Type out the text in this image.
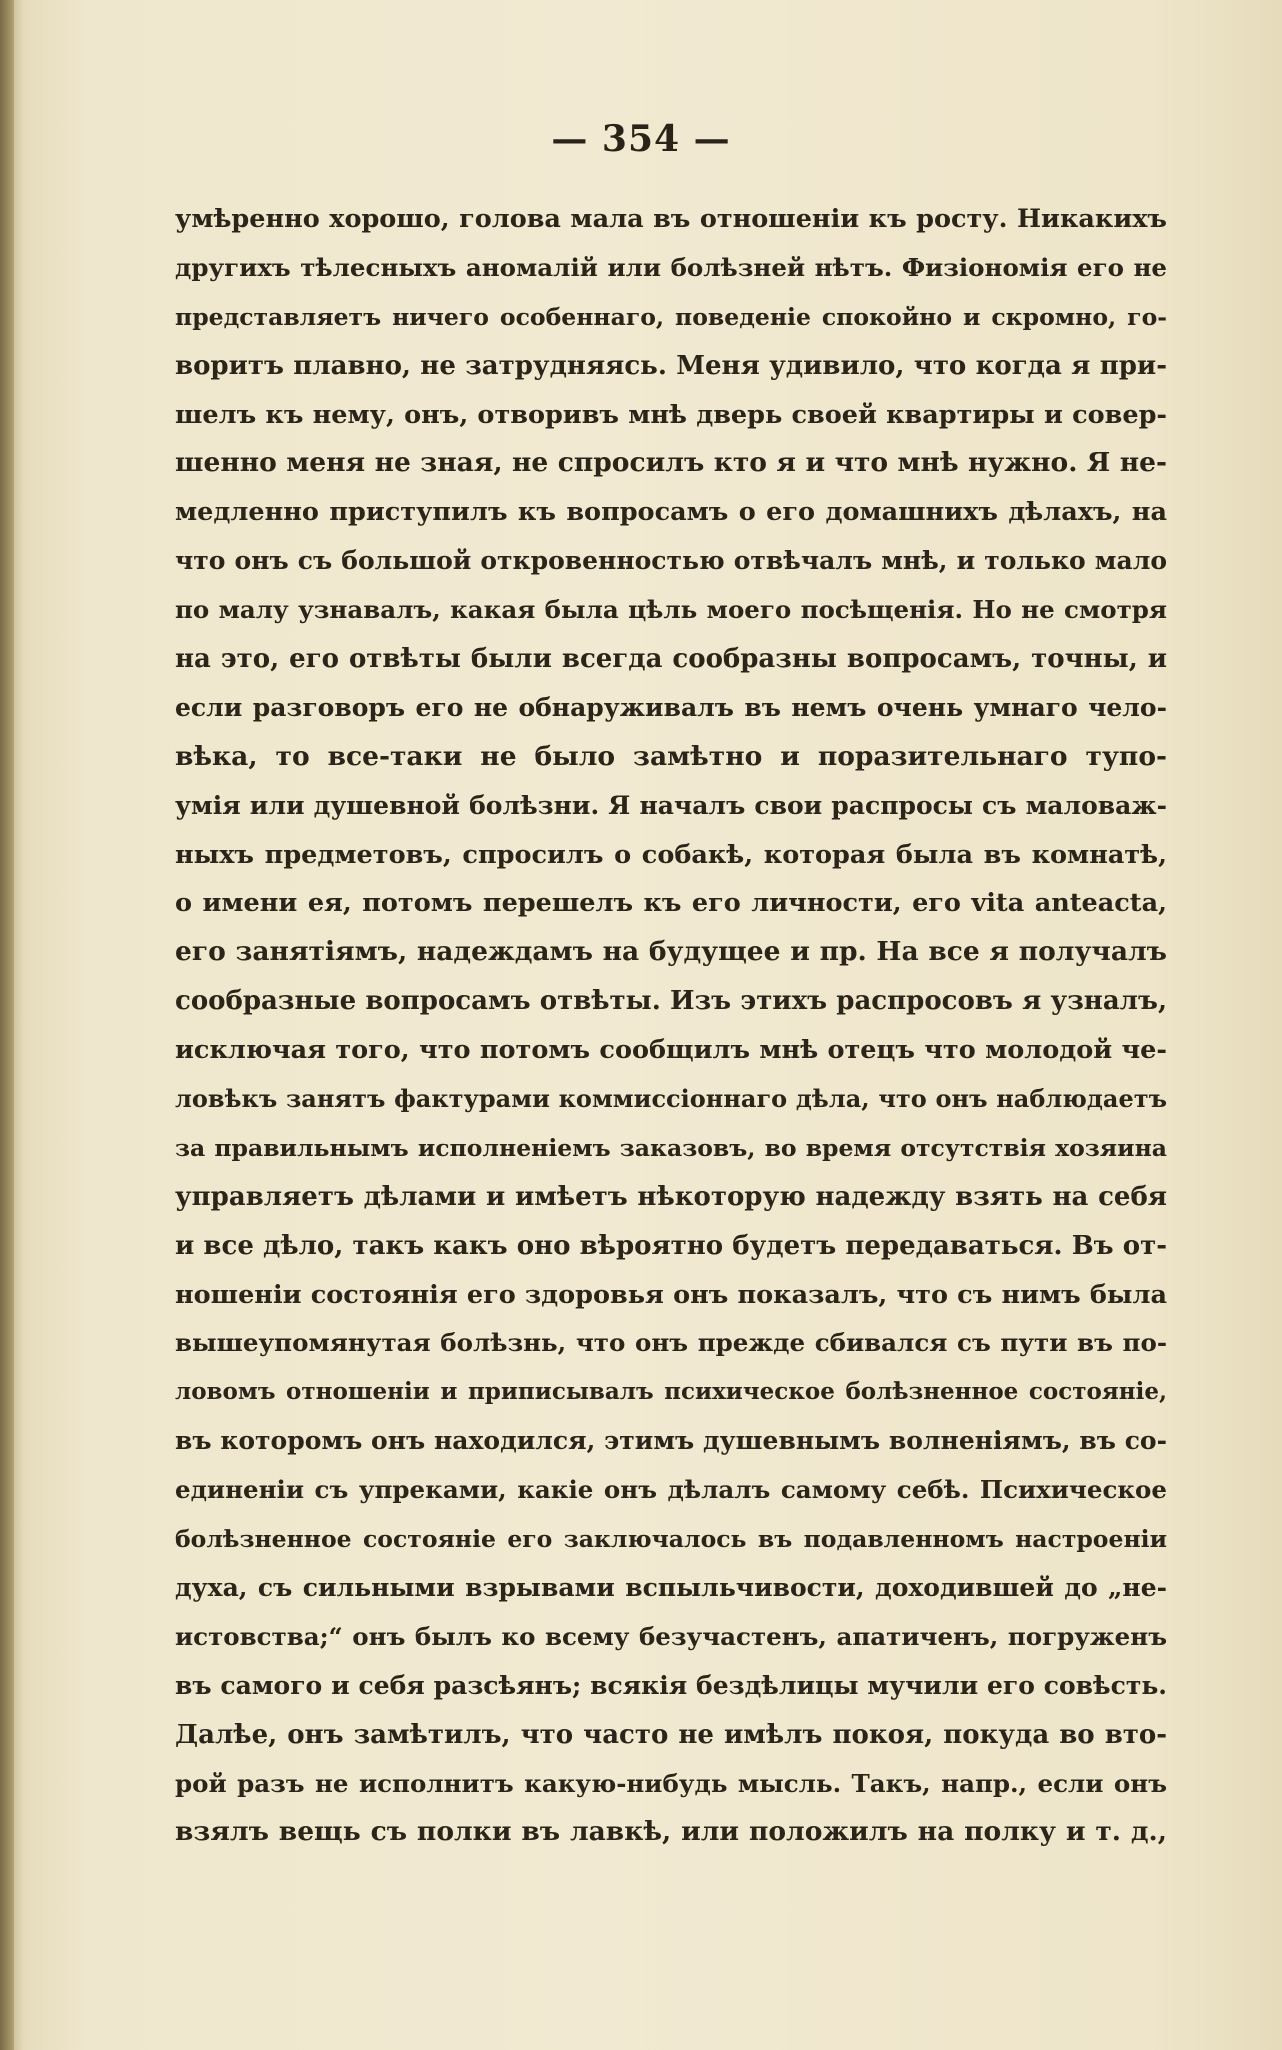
— 354 —
умѣренно хорошо, голова мала въ отношенiи къ росту. Никакихъ
другихъ тѣлесныхъ аномалiй или болѣзней нѣтъ. Физiономiя его не
представляетъ ничего особеннаго, поведенiе спокойно и скромно, го-
воритъ плавно, не затрудняясь. Меня удивило, что когда я при-
шелъ къ нему, онъ, отворивъ мнѣ дверь своей квартиры и совер-
шенно меня не зная, не спросилъ кто я и что мнѣ нужно. Я не-
медленно приступилъ къ вопросамъ о его домашнихъ дѣлахъ, на
что онъ съ большой откровенностью отвѣчалъ мнѣ, и только мало
по малу узнавалъ, какая была цѣль моего посѣщенiя. Но не смотря
на это, его отвѣты были всегда сообразны вопросамъ, точны, и
если разговоръ его не обнаруживалъ въ немъ очень умнаго чело-
вѣка, то все-таки не было замѣтно и поразительнаго тупо-
умiя или душевной болѣзни. Я началъ свои распросы съ маловаж-
ныхъ предметовъ, спросилъ о собакѣ, которая была въ комнатѣ,
о имени ея, потомъ перешелъ къ его личности, его vita anteacta,
его занятiямъ, надеждамъ на будущее и пр. На все я получалъ
сообразные вопросамъ отвѣты. Изъ этихъ распросовъ я узналъ,
исключая того, что потомъ сообщилъ мнѣ отецъ что молодой че-
ловѣкъ занятъ фактурами коммиссiоннаго дѣла, что онъ наблюдаетъ
за правильнымъ исполненiемъ заказовъ, во время отсутствiя хозяина
управляетъ дѣлами и имѣетъ нѣкоторую надежду взять на себя
и все дѣло, такъ какъ оно вѣроятно будетъ передаваться. Въ от-
ношенiи состоянiя его здоровья онъ показалъ, что съ нимъ была
вышеупомянутая болѣзнь, что онъ прежде сбивался съ пути въ по-
ловомъ отношенiи и приписывалъ психическое болѣзненное состоянiе,
въ которомъ онъ находился, этимъ душевнымъ волненiямъ, въ со-
единенiи съ упреками, какiе онъ дѣлалъ самому себѣ. Психическое
болѣзненное состоянiе его заключалось въ подавленномъ настроенiи
духа, съ сильными взрывами вспыльчивости, доходившей до „не-
истовства;“ онъ былъ ко всему безучастенъ, апатиченъ, погруженъ
въ самого и себя разсѣянъ; всякiя бездѣлицы мучили его совѣсть.
Далѣе, онъ замѣтилъ, что часто не имѣлъ покоя, покуда во вто-
рой разъ не исполнитъ какую-нибудь мысль. Такъ, напр., если онъ
взялъ вещь съ полки въ лавкѣ, или положилъ на полку и т. д.,
